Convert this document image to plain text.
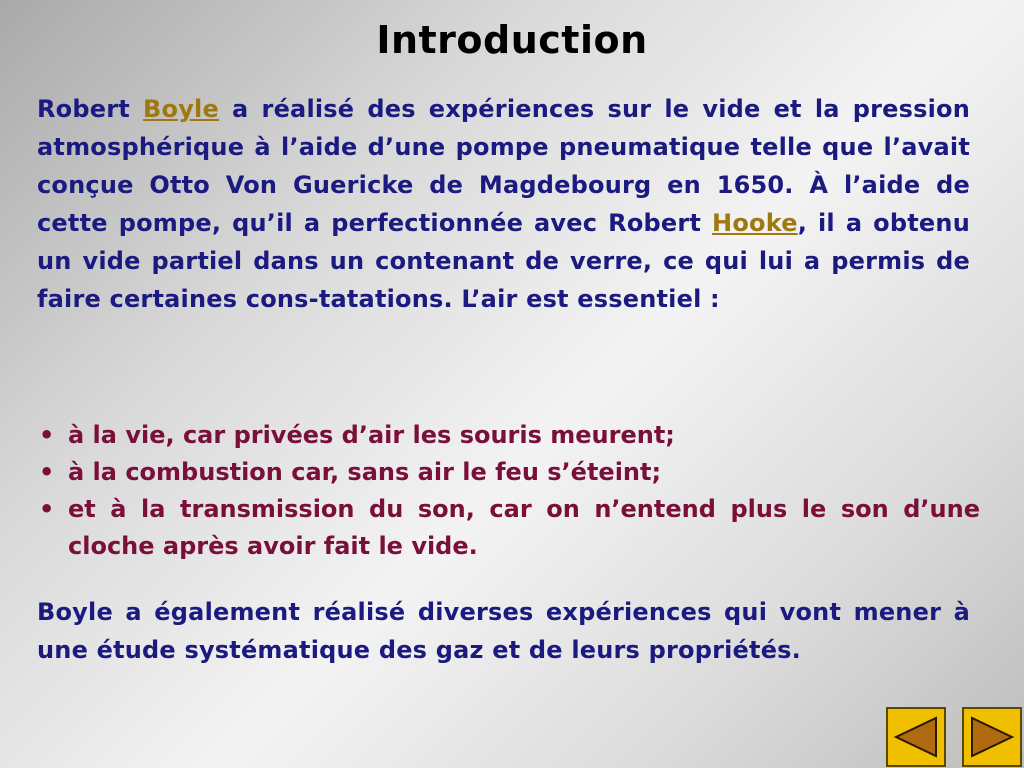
Introduction
Robert Boyle a réalisé des expériences sur le vide et la pression atmosphérique à l’aide d’une pompe pneumatique telle que l’avait conçue Otto Von Guericke de Magdebourg en 1650. À l’aide de cette pompe, qu’il a perfectionnée avec Robert Hooke, il a obtenu un vide partiel dans un contenant de verre, ce qui lui a permis de faire certaines cons-tatations. L’air est essentiel :
• à la vie, car privées d’air les souris meurent;
• à la combustion car, sans air le feu s’éteint;
• et à la transmission du son, car on n’entend plus le son d’une cloche après avoir fait le vide.
Boyle a également réalisé diverses expériences qui vont mener à une étude systématique des gaz et de leurs propriétés.
